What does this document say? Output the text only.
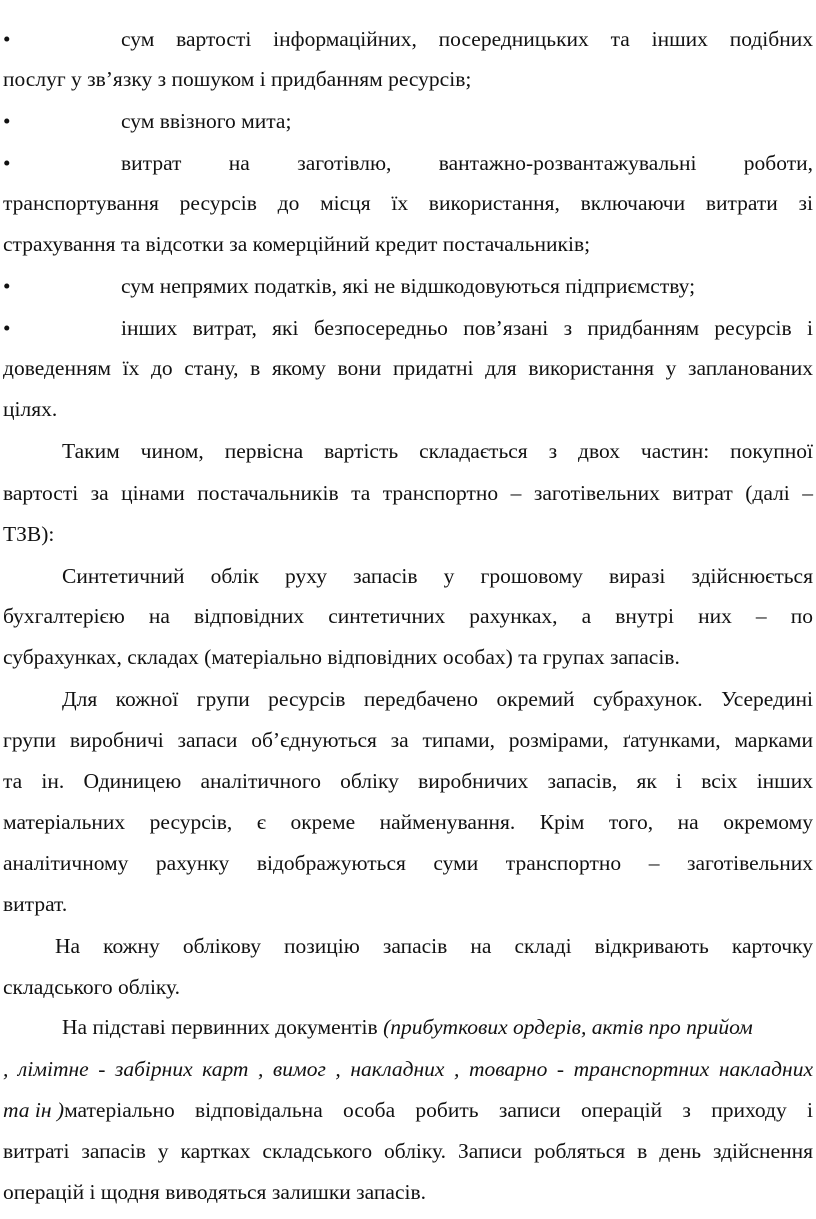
•	сум вартості інформаційних, посередницьких та інших подібних
послуг у зв’язку з пошуком і придбанням ресурсів;
•	сум ввізного мита;
•	витрат на заготівлю, вантажно-розвантажувальні роботи,
транспортування ресурсів до місця їх використання, включаючи витрати зі
страхування та відсотки за комерційний кредит постачальників;
•	сум непрямих податків, які не відшкодовуються підприємству;
•	інших витрат, які безпосередньо пов’язані з придбанням ресурсів і
доведенням їх до стану, в якому вони придатні для використання у запланованих
цілях.
Таким чином, первісна вартість складається з двох частин: покупної
вартості за цінами постачальників та транспортно – заготівельних витрат (далі –
ТЗВ):
Синтетичний облік руху запасів у грошовому виразі здійснюється
бухгалтерією на відповідних синтетичних рахунках, а внутрі них – по
субрахунках, складах (матеріально відповідних особах) та групах запасів.
Для кожної групи ресурсів передбачено окремий субрахунок. Усередині
групи виробничі запаси об’єднуються за типами, розмірами, ґатунками, марками
та ін. Одиницею аналітичного обліку виробничих запасів, як і всіх інших
матеріальних ресурсів, є окреме найменування. Крім того, на окремому
аналітичному рахунку відображуються суми транспортно – заготівельних
витрат.
На кожну облікову позицію запасів на складі відкривають карточку
складського обліку.
На підставі первинних документів (прибуткових ордерів, актів про прийом
, лімітне - забірних карт , вимог , накладних , товарно - транспортних накладних
та ін ) матеріально відповідальна особа робить записи операцій з приходу і
витраті запасів у картках складського обліку. Записи робляться в день здійснення
операцій і щодня виводяться залишки запасів.
